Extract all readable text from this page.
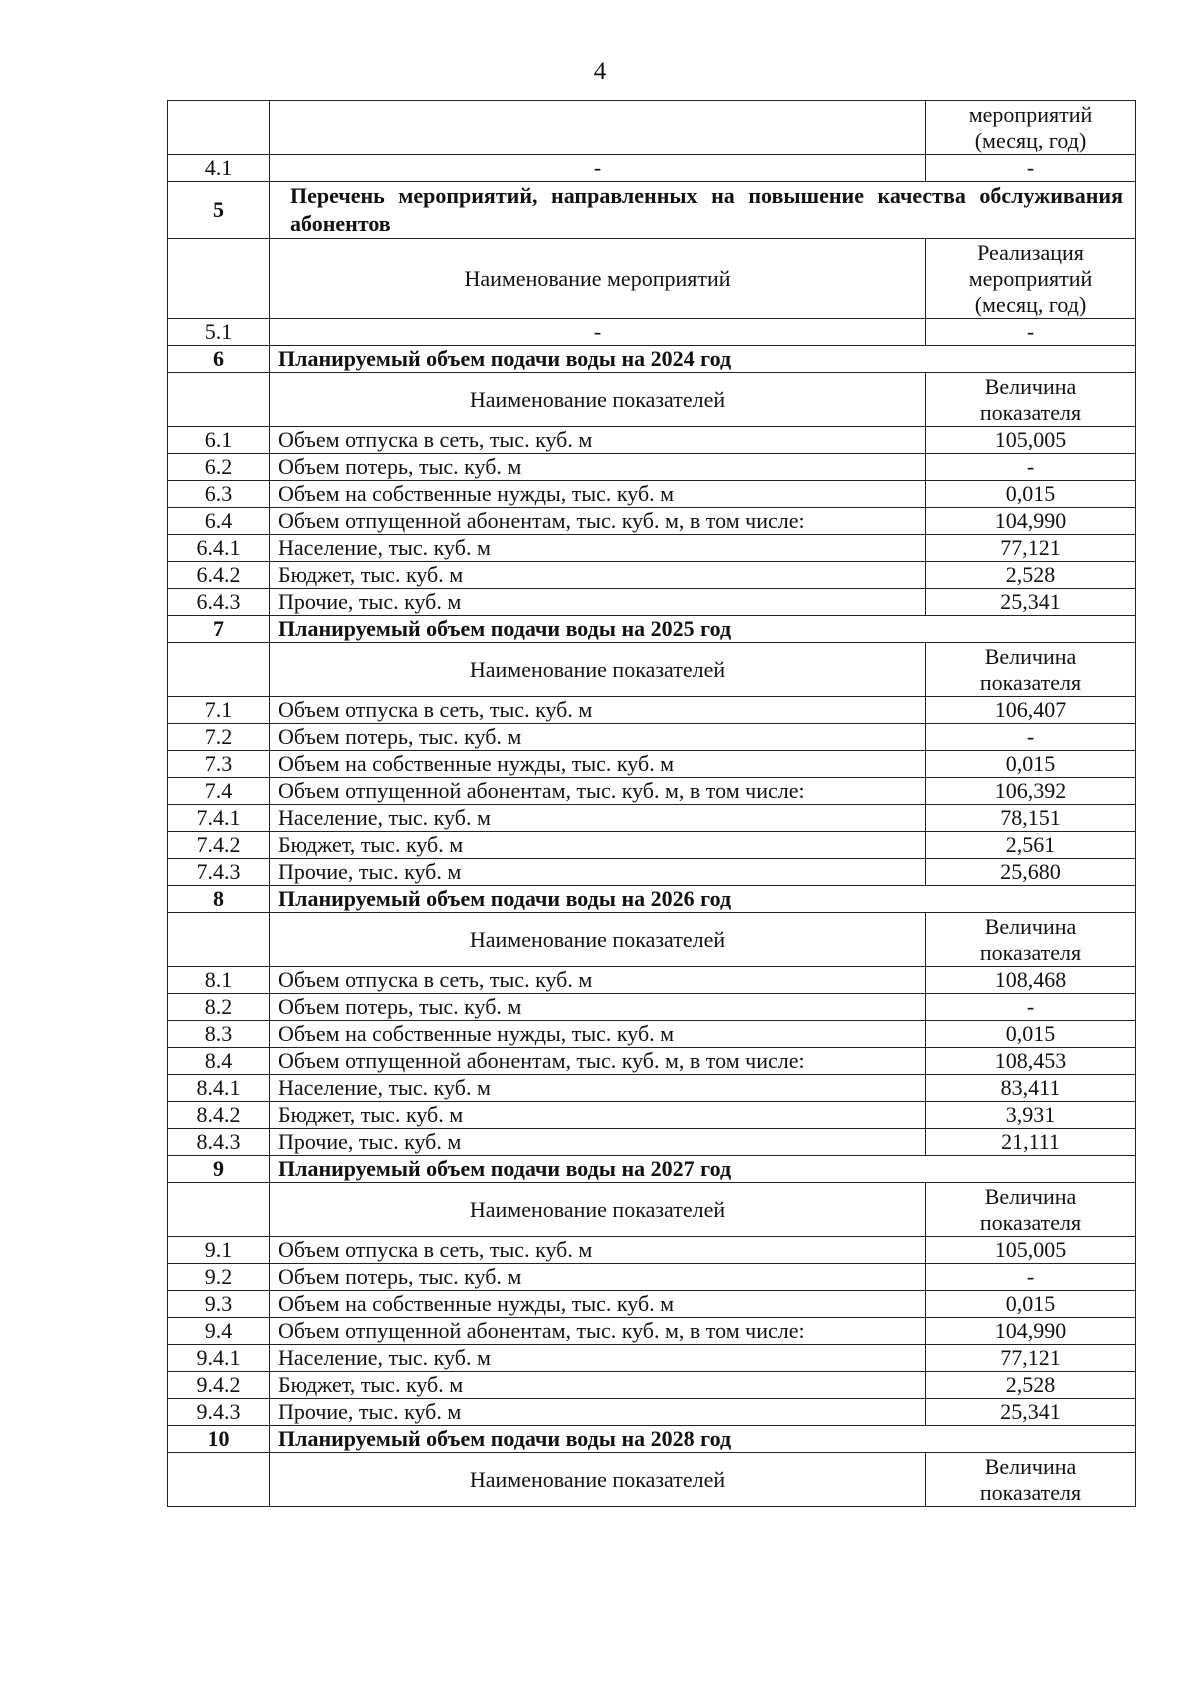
4

		мероприятий
(месяц, год)

4.1	-	-
5	Перечень мероприятий, направленных на повышение качества обслуживания абонентов	
	Наименование мероприятий	Реализация
мероприятий
(месяц, год)

5.1	-	-
6	Планируемый объем подачи воды на 2024 год	
	Наименование показателей	Величина
показателя

6.1	Объем отпуска в сеть, тыс. куб. м	105,005
6.2	Объем потерь, тыс. куб. м	-
6.3	Объем на собственные нужды, тыс. куб. м	0,015
6.4	Объем отпущенной абонентам, тыс. куб. м, в том числе:	104,990
6.4.1	Население, тыс. куб. м	77,121
6.4.2	Бюджет, тыс. куб. м	2,528
6.4.3	Прочие, тыс. куб. м	25,341
7	Планируемый объем подачи воды на 2025 год	
	Наименование показателей	Величина
показателя

7.1	Объем отпуска в сеть, тыс. куб. м	106,407
7.2	Объем потерь, тыс. куб. м	-
7.3	Объем на собственные нужды, тыс. куб. м	0,015
7.4	Объем отпущенной абонентам, тыс. куб. м, в том числе:	106,392
7.4.1	Население, тыс. куб. м	78,151
7.4.2	Бюджет, тыс. куб. м	2,561
7.4.3	Прочие, тыс. куб. м	25,680
8	Планируемый объем подачи воды на 2026 год	
	Наименование показателей	Величина
показателя

8.1	Объем отпуска в сеть, тыс. куб. м	108,468
8.2	Объем потерь, тыс. куб. м	-
8.3	Объем на собственные нужды, тыс. куб. м	0,015
8.4	Объем отпущенной абонентам, тыс. куб. м, в том числе:	108,453
8.4.1	Население, тыс. куб. м	83,411
8.4.2	Бюджет, тыс. куб. м	3,931
8.4.3	Прочие, тыс. куб. м	21,111
9	Планируемый объем подачи воды на 2027 год	
	Наименование показателей	Величина
показателя

9.1	Объем отпуска в сеть, тыс. куб. м	105,005
9.2	Объем потерь, тыс. куб. м	-
9.3	Объем на собственные нужды, тыс. куб. м	0,015
9.4	Объем отпущенной абонентам, тыс. куб. м, в том числе:	104,990
9.4.1	Население, тыс. куб. м	77,121
9.4.2	Бюджет, тыс. куб. м	2,528
9.4.3	Прочие, тыс. куб. м	25,341
10	Планируемый объем подачи воды на 2028 год	
	Наименование показателей	Величина
показателя
